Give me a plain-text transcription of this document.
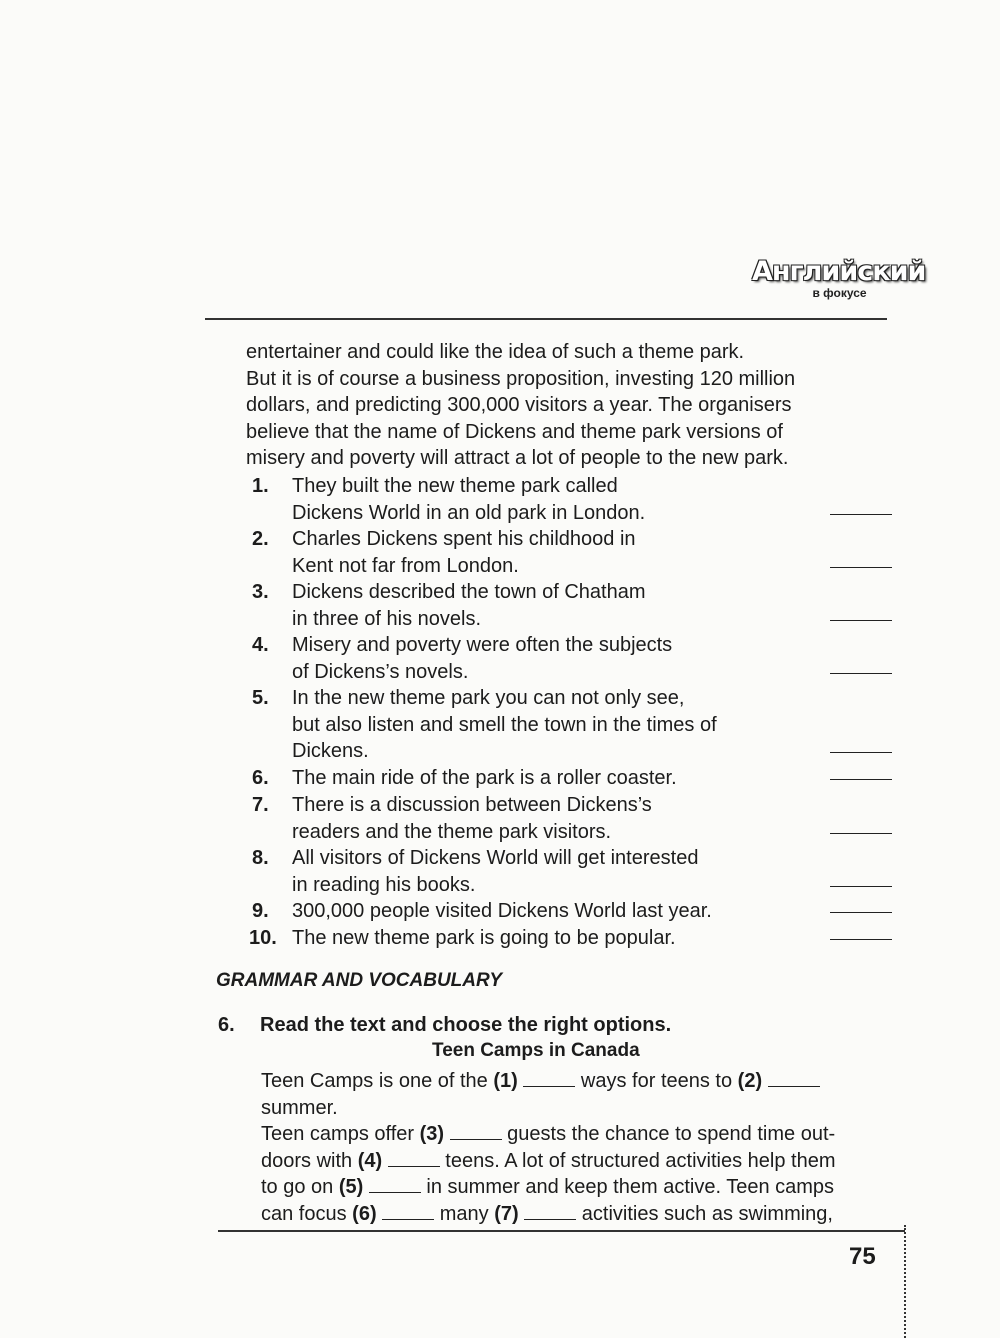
Английский
в фокусе

entertainer and could like the idea of such a theme park.
But it is of course a business proposition, investing 120 million
dollars, and predicting 300,000 visitors a year. The organisers
believe that the name of Dickens and theme park versions of
misery and poverty will attract a lot of people to the new park.

1. They built the new theme park called
Dickens World in an old park in London.
2. Charles Dickens spent his childhood in
Kent not far from London.
3. Dickens described the town of Chatham
in three of his novels.
4. Misery and poverty were often the subjects
of Dickens’s novels.
5. In the new theme park you can not only see,
but also listen and smell the town in the times of
Dickens.
6. The main ride of the park is a roller coaster.
7. There is a discussion between Dickens’s
readers and the theme park visitors.
8. All visitors of Dickens World will get interested
in reading his books.
9. 300,000 people visited Dickens World last year.
10. The new theme park is going to be popular.

GRAMMAR AND VOCABULARY

6. Read the text and choose the right options.

Teen Camps in Canada

Teen Camps is one of the (1)	ways for teens to (2)
summer.
Teen camps offer (3)	guests the chance to spend time out-
doors with (4)	teens. A lot of structured activities help them
to go on (5)	in summer and keep them active. Teen camps
can focus (6)	many (7)	activities such as swimming,

75
